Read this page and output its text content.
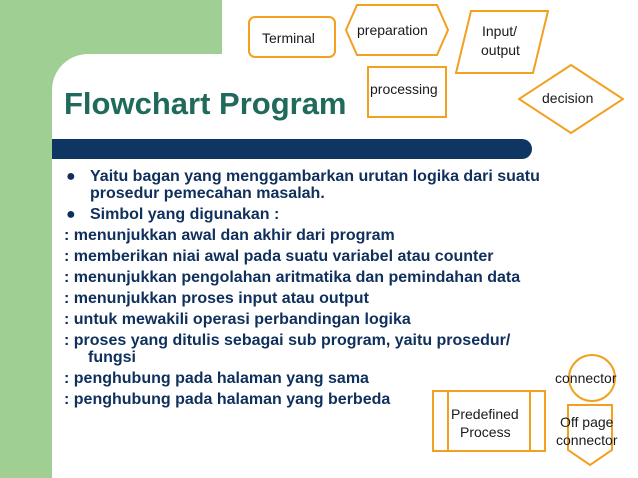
Flowchart Program
Terminal	preparation	Input/
output
processing
decision
Predefined
Process
connector
Off page
connector
● Yaitu bagan yang menggambarkan urutan logika dari suatu prosedur pemecahan masalah.
● Simbol yang digunakan :
: menunjukkan awal dan akhir dari program
: memberikan niai awal pada suatu variabel atau counter
: menunjukkan pengolahan aritmatika dan pemindahan data
: menunjukkan proses input atau output
: untuk mewakili operasi perbandingan logika
: proses yang ditulis sebagai sub program, yaitu prosedur/
fungsi
: penghubung pada halaman yang sama
: penghubung pada halaman yang berbeda
